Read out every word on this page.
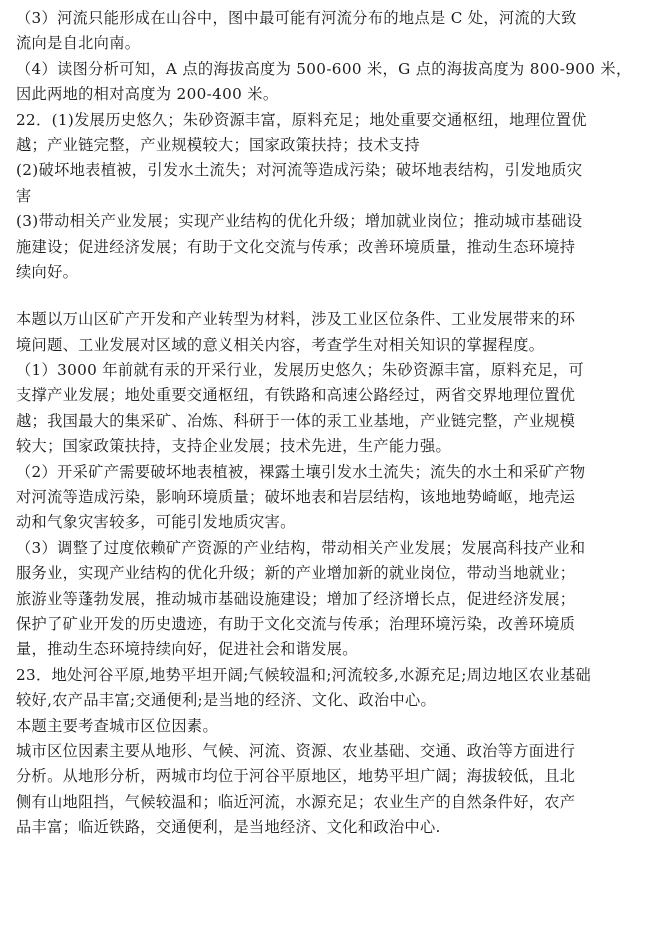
（3）河流只能形成在山谷中，图中最可能有河流分布的地点是 C 处，河流的大致
流向是自北向南。
（4）读图分析可知，A 点的海拔高度为 500-600 米，G 点的海拔高度为 800-900 米，
因此两地的相对高度为 200-400 米。
22．(1)发展历史悠久；朱砂资源丰富，原料充足；地处重要交通枢纽，地理位置优
越；产业链完整，产业规模较大；国家政策扶持；技术支持
(2)破坏地表植被，引发水土流失；对河流等造成污染；破坏地表结构，引发地质灾
害
(3)带动相关产业发展；实现产业结构的优化升级；增加就业岗位；推动城市基础设
施建设；促进经济发展；有助于文化交流与传承；改善环境质量，推动生态环境持
续向好。
本题以万山区矿产开发和产业转型为材料，涉及工业区位条件、工业发展带来的环
境问题、工业发展对区域的意义相关内容，考查学生对相关知识的掌握程度。
（1）3000 年前就有汞的开采行业，发展历史悠久；朱砂资源丰富，原料充足，可
支撑产业发展；地处重要交通枢纽，有铁路和高速公路经过，两省交界地理位置优
越；我国最大的集采矿、冶炼、科研于一体的汞工业基地，产业链完整，产业规模
较大；国家政策扶持，支持企业发展；技术先进，生产能力强。
（2）开采矿产需要破坏地表植被，裸露土壤引发水土流失；流失的水土和采矿产物
对河流等造成污染，影响环境质量；破坏地表和岩层结构，该地地势崎岖，地壳运
动和气象灾害较多，可能引发地质灾害。
（3）调整了过度依赖矿产资源的产业结构，带动相关产业发展；发展高科技产业和
服务业，实现产业结构的优化升级；新的产业增加新的就业岗位，带动当地就业；
旅游业等蓬勃发展，推动城市基础设施建设；增加了经济增长点，促进经济发展；
保护了矿业开发的历史遗迹，有助于文化交流与传承；治理环境污染，改善环境质
量，推动生态环境持续向好，促进社会和谐发展。
23．地处河谷平原,地势平坦开阔;气候较温和;河流较多,水源充足;周边地区农业基础
较好,农产品丰富;交通便利;是当地的经济、文化、政治中心。
本题主要考查城市区位因素。
城市区位因素主要从地形、气候、河流、资源、农业基础、交通、政治等方面进行
分析。从地形分析，两城市均位于河谷平原地区，地势平坦广阔；海拔较低，且北
侧有山地阻挡，气候较温和；临近河流，水源充足；农业生产的自然条件好，农产
品丰富；临近铁路，交通便利，是当地经济、文化和政治中心.
